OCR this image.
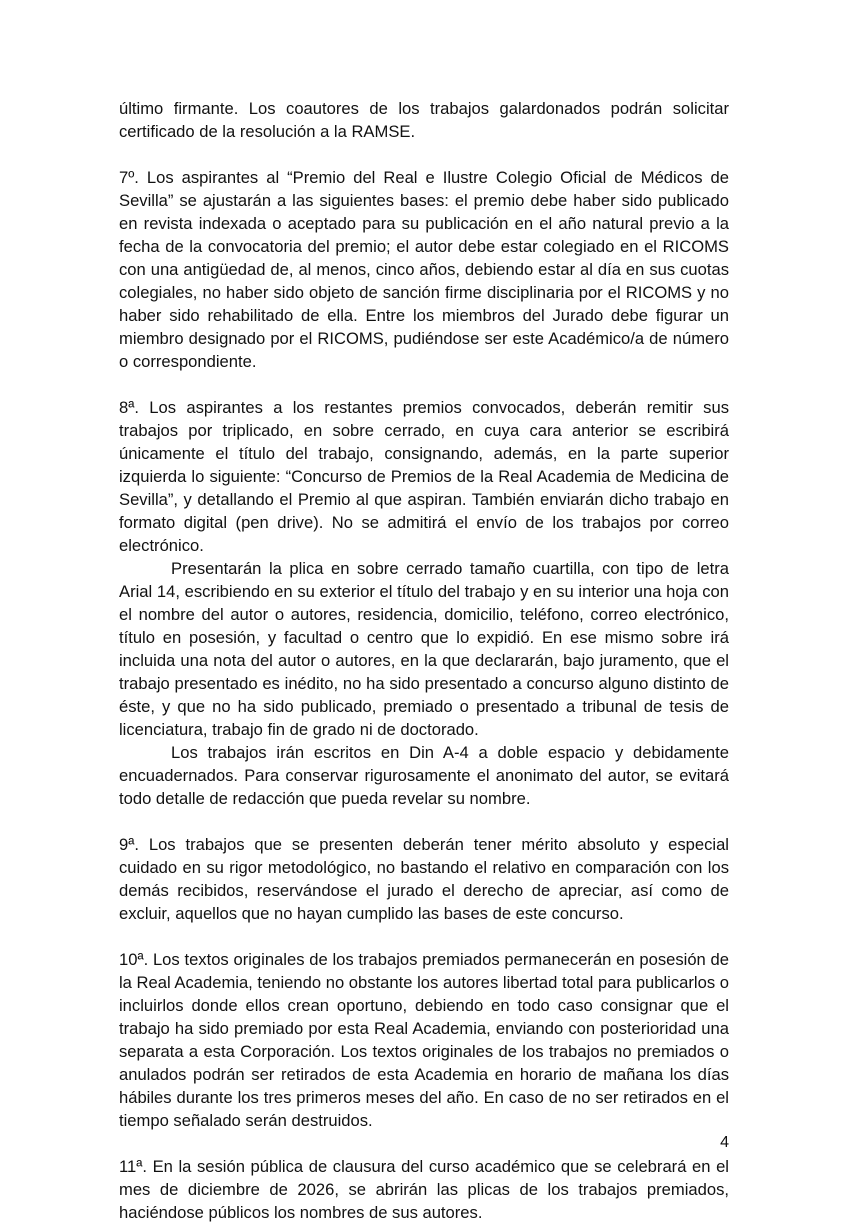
último firmante. Los coautores de los trabajos galardonados podrán solicitar certificado de la resolución a la RAMSE.

7º. Los aspirantes al “Premio del Real e Ilustre Colegio Oficial de Médicos de Sevilla” se ajustarán a las siguientes bases: el premio debe haber sido publicado en revista indexada o aceptado para su publicación en el año natural previo a la fecha de la convocatoria del premio; el autor debe estar colegiado en el RICOMS con una antigüedad de, al menos, cinco años, debiendo estar al día en sus cuotas colegiales, no haber sido objeto de sanción firme disciplinaria por el RICOMS y no haber sido rehabilitado de ella. Entre los miembros del Jurado debe figurar un miembro designado por el RICOMS, pudiéndose ser este Académico/a de número o correspondiente.

8ª. Los aspirantes a los restantes premios convocados, deberán remitir sus trabajos por triplicado, en sobre cerrado, en cuya cara anterior se escribirá únicamente el título del trabajo, consignando, además, en la parte superior izquierda lo siguiente: “Concurso de Premios de la Real Academia de Medicina de Sevilla”, y detallando el Premio al que aspiran. También enviarán dicho trabajo en formato digital (pen drive). No se admitirá el envío de los trabajos por correo electrónico.

Presentarán la plica en sobre cerrado tamaño cuartilla, con tipo de letra Arial 14, escribiendo en su exterior el título del trabajo y en su interior una hoja con el nombre del autor o autores, residencia, domicilio, teléfono, correo electrónico, título en posesión, y facultad o centro que lo expidió. En ese mismo sobre irá incluida una nota del autor o autores, en la que declararán, bajo juramento, que el trabajo presentado es inédito, no ha sido presentado a concurso alguno distinto de éste, y que no ha sido publicado, premiado o presentado a tribunal de tesis de licenciatura, trabajo fin de grado ni de doctorado.

Los trabajos irán escritos en Din A-4 a doble espacio y debidamente encuadernados. Para conservar rigurosamente el anonimato del autor, se evitará todo detalle de redacción que pueda revelar su nombre.

9ª. Los trabajos que se presenten deberán tener mérito absoluto y especial cuidado en su rigor metodológico, no bastando el relativo en comparación con los demás recibidos, reservándose el jurado el derecho de apreciar, así como de excluir, aquellos que no hayan cumplido las bases de este concurso.

10ª. Los textos originales de los trabajos premiados permanecerán en posesión de la Real Academia, teniendo no obstante los autores libertad total para publicarlos o incluirlos donde ellos crean oportuno, debiendo en todo caso consignar que el trabajo ha sido premiado por esta Real Academia, enviando con posterioridad una separata a esta Corporación. Los textos originales de los trabajos no premiados o anulados podrán ser retirados de esta Academia en horario de mañana los días hábiles durante los tres primeros meses del año. En caso de no ser retirados en el tiempo señalado serán destruidos.

11ª. En la sesión pública de clausura del curso académico que se celebrará en el mes de diciembre de 2026, se abrirán las plicas de los trabajos premiados, haciéndose públicos los nombres de sus autores.

4
